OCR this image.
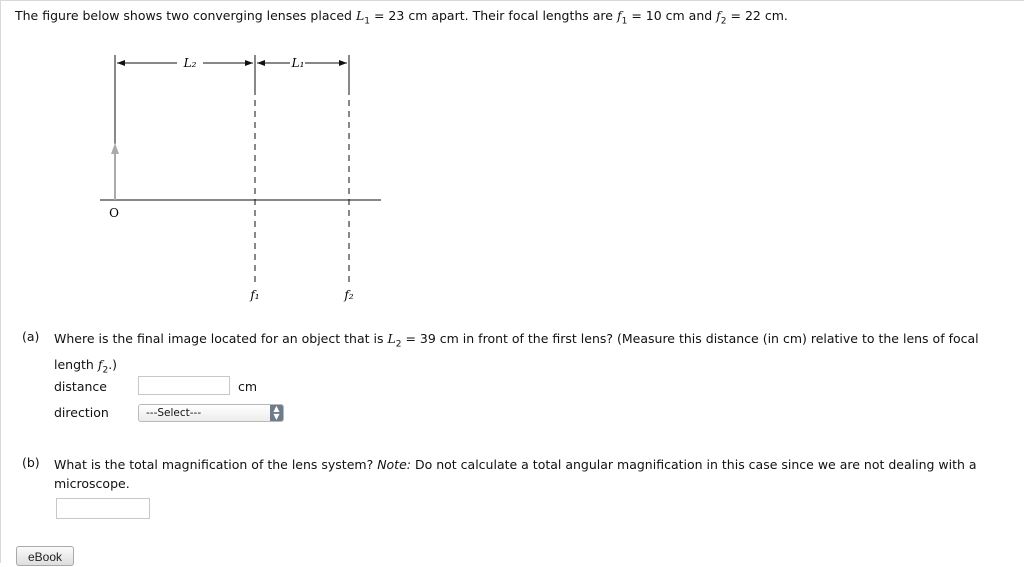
The figure below shows two converging lenses placed $L_1 = 23$ cm apart. Their focal lengths are $f_1 = 10$ cm and $f_2 = 22$ cm.
L₂	L₁
O
f₁	f₂
(a) Where is the final image located for an object that is $L_2 = 39$ cm in front of the first lens? (Measure this distance (in cm) relative to the lens of focal length $f_2$.)
distance	cm
direction	---Select---	▲
▼
(b) What is the total magnification of the lens system? Note: Do not calculate a total angular magnification in this case since we are not dealing with a microscope.
eBook
